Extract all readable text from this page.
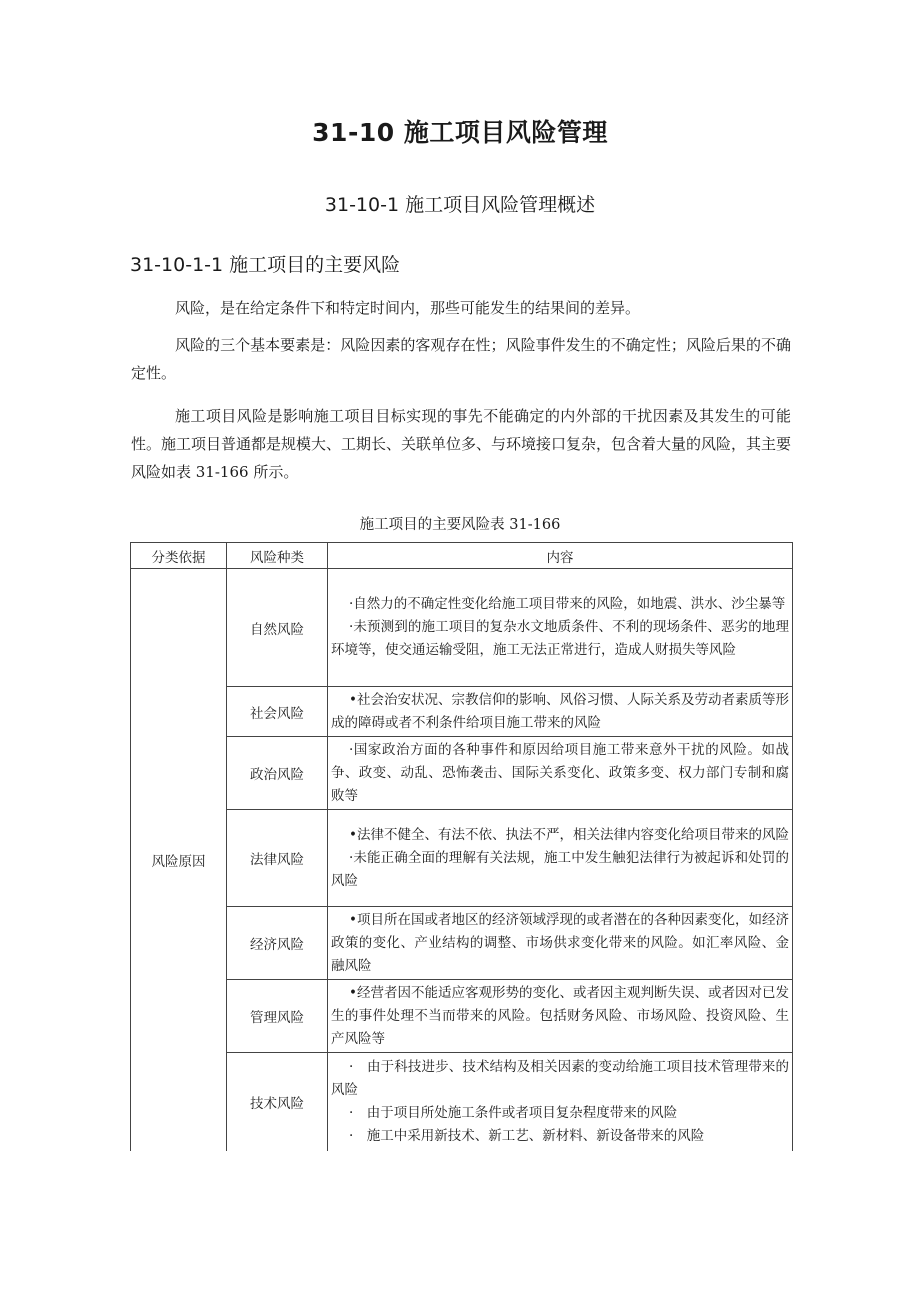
31-10 施工项目风险管理
31-10-1 施工项目风险管理概述
31-10-1-1 施工项目的主要风险

风险，是在给定条件下和特定时间内，那些可能发生的结果间的差异。

风险的三个基本要素是：风险因素的客观存在性；风险事件发生的不确定性；风险后果的不确定性。

施工项目风险是影响施工项目目标实现的事先不能确定的内外部的干扰因素及其发生的可能性。施工项目普通都是规模大、工期长、关联单位多、与环境接口复杂，包含着大量的风险，其主要风险如表 31-166 所示。

施工项目的主要风险表 31-166
分类依据	风险种类	内容
风险原因	自然风险	·自然力的不确定性变化给施工项目带来的风险，如地震、洪水、沙尘暴等
·未预测到的施工项目的复杂水文地质条件、不利的现场条件、恶劣的地理环境等，使交通运输受阻，施工无法正常进行，造成人财损失等风险

	社会风险	•社会治安状况、宗教信仰的影响、风俗习惯、人际关系及劳动者素质等形成的障碍或者不利条件给项目施工带来的风险

	政治风险	·国家政治方面的各种事件和原因给项目施工带来意外干扰的风险。如战争、政变、动乱、恐怖袭击、国际关系变化、政策多变、权力部门专制和腐败等

	法律风险	•法律不健全、有法不依、执法不严，相关法律内容变化给项目带来的风险
·未能正确全面的理解有关法规，施工中发生触犯法律行为被起诉和处罚的风险

	经济风险	•项目所在国或者地区的经济领域浮现的或者潜在的各种因素变化，如经济政策的变化、产业结构的调整、市场供求变化带来的风险。如汇率风险、金融风险

	管理风险	•经营者因不能适应客观形势的变化、或者因主观判断失误、或者因对已发生的事件处理不当而带来的风险。包括财务风险、市场风险、投资风险、生产风险等

	技术风险	·　由于科技进步、技术结构及相关因素的变动给施工项目技术管理带来的风险
·　由于项目所处施工条件或者项目复杂程度带来的风险
·　施工中采用新技术、新工艺、新材料、新设备带来的风险
